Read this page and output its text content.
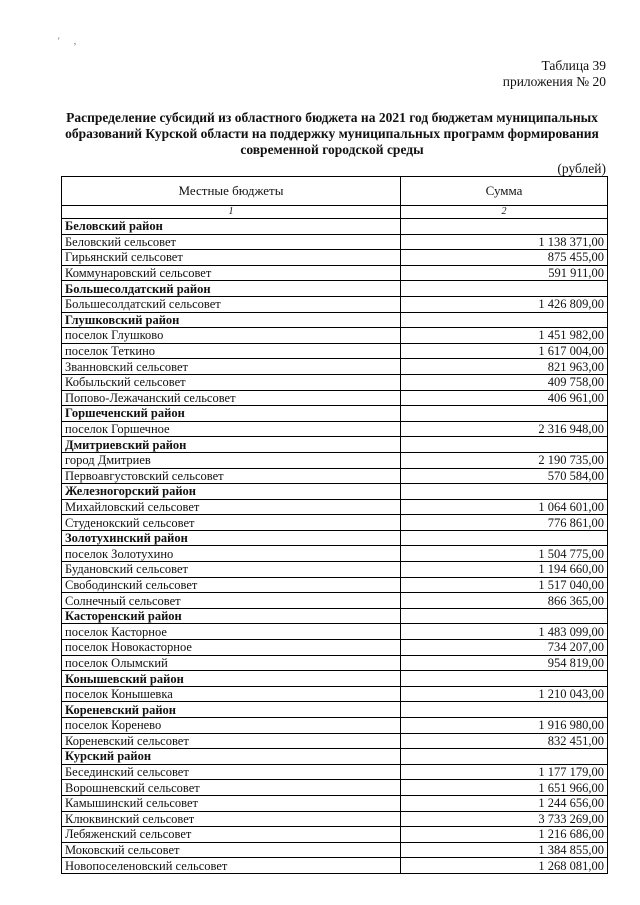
' ,
Таблица 39
приложения № 20
Распределение субсидий из областного бюджета на 2021 год бюджетам муниципальных образований Курской области на поддержку муниципальных программ формирования современной городской среды
(рублей)
Местные бюджеты	Сумма
1	2
Беловский район	
Беловский сельсовет	1 138 371,00
Гирьянский сельсовет	875 455,00
Коммунаровский сельсовет	591 911,00
Большесолдатский район	
Большесолдатский сельсовет	1 426 809,00
Глушковский район	
поселок Глушково	1 451 982,00
поселок Теткино	1 617 004,00
Званновский сельсовет	821 963,00
Кобыльский сельсовет	409 758,00
Попово-Лежачанский сельсовет	406 961,00
Горшеченский район	
поселок Горшечное	2 316 948,00
Дмитриевский район	
город Дмитриев	2 190 735,00
Первоавгустовский сельсовет	570 584,00
Железногорский район	
Михайловский сельсовет	1 064 601,00
Студенокский сельсовет	776 861,00
Золотухинский район	
поселок Золотухино	1 504 775,00
Будановский сельсовет	1 194 660,00
Свободинский сельсовет	1 517 040,00
Солнечный сельсовет	866 365,00
Касторенский район	
поселок Касторное	1 483 099,00
поселок Новокасторное	734 207,00
поселок Олымский	954 819,00
Конышевский район	
поселок Конышевка	1 210 043,00
Кореневский район	
поселок Коренево	1 916 980,00
Кореневский сельсовет	832 451,00
Курский район	
Бесединский сельсовет	1 177 179,00
Ворошневский сельсовет	1 651 966,00
Камышинский сельсовет	1 244 656,00
Клюквинский сельсовет	3 733 269,00
Лебяженский сельсовет	1 216 686,00
Моковский сельсовет	1 384 855,00
Новопоселеновский сельсовет	1 268 081,00
